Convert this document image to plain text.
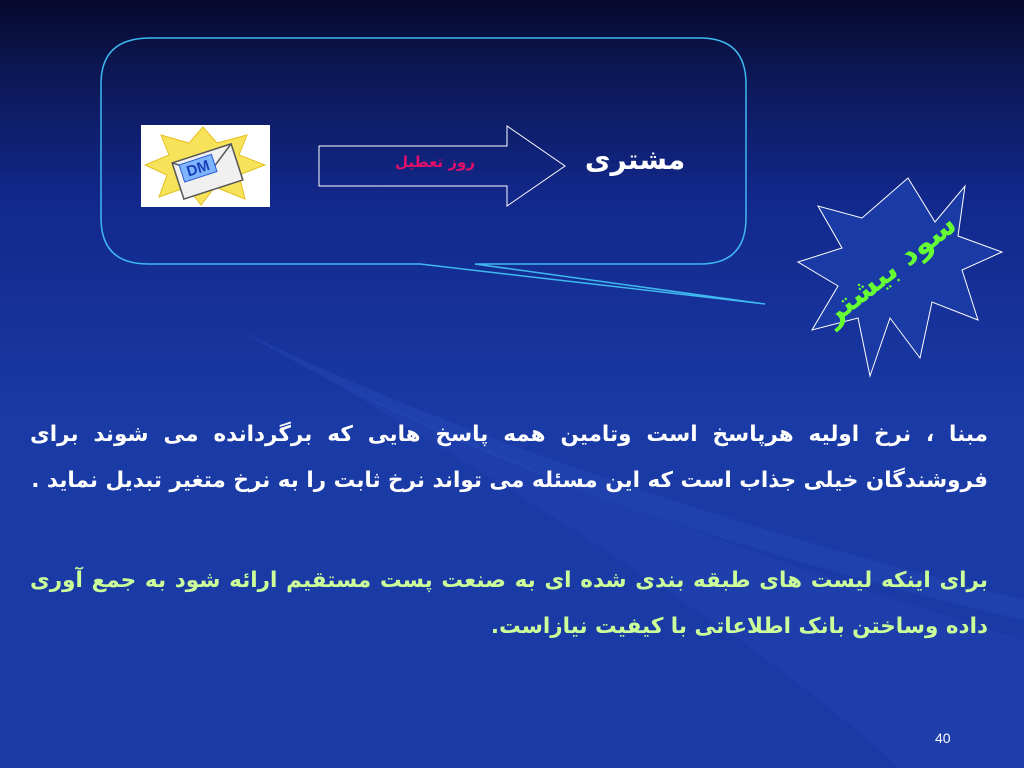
DM	روز تعطیل	مشتری
سود بیشتر
مبنا ، نرخ اولیه هرپاسخ است وتامین همه پاسخ هایی که برگردانده می شوند برای فروشندگان خیلی جذاب است که این مسئله می تواند نرخ ثابت را به نرخ متغیر تبدیل نماید .
برای اینکه لیست های طبقه بندی شده ای به صنعت پست مستقیم ارائه شود به جمع آوری داده وساختن بانک اطلاعاتی با کیفیت نیازاست.
40
